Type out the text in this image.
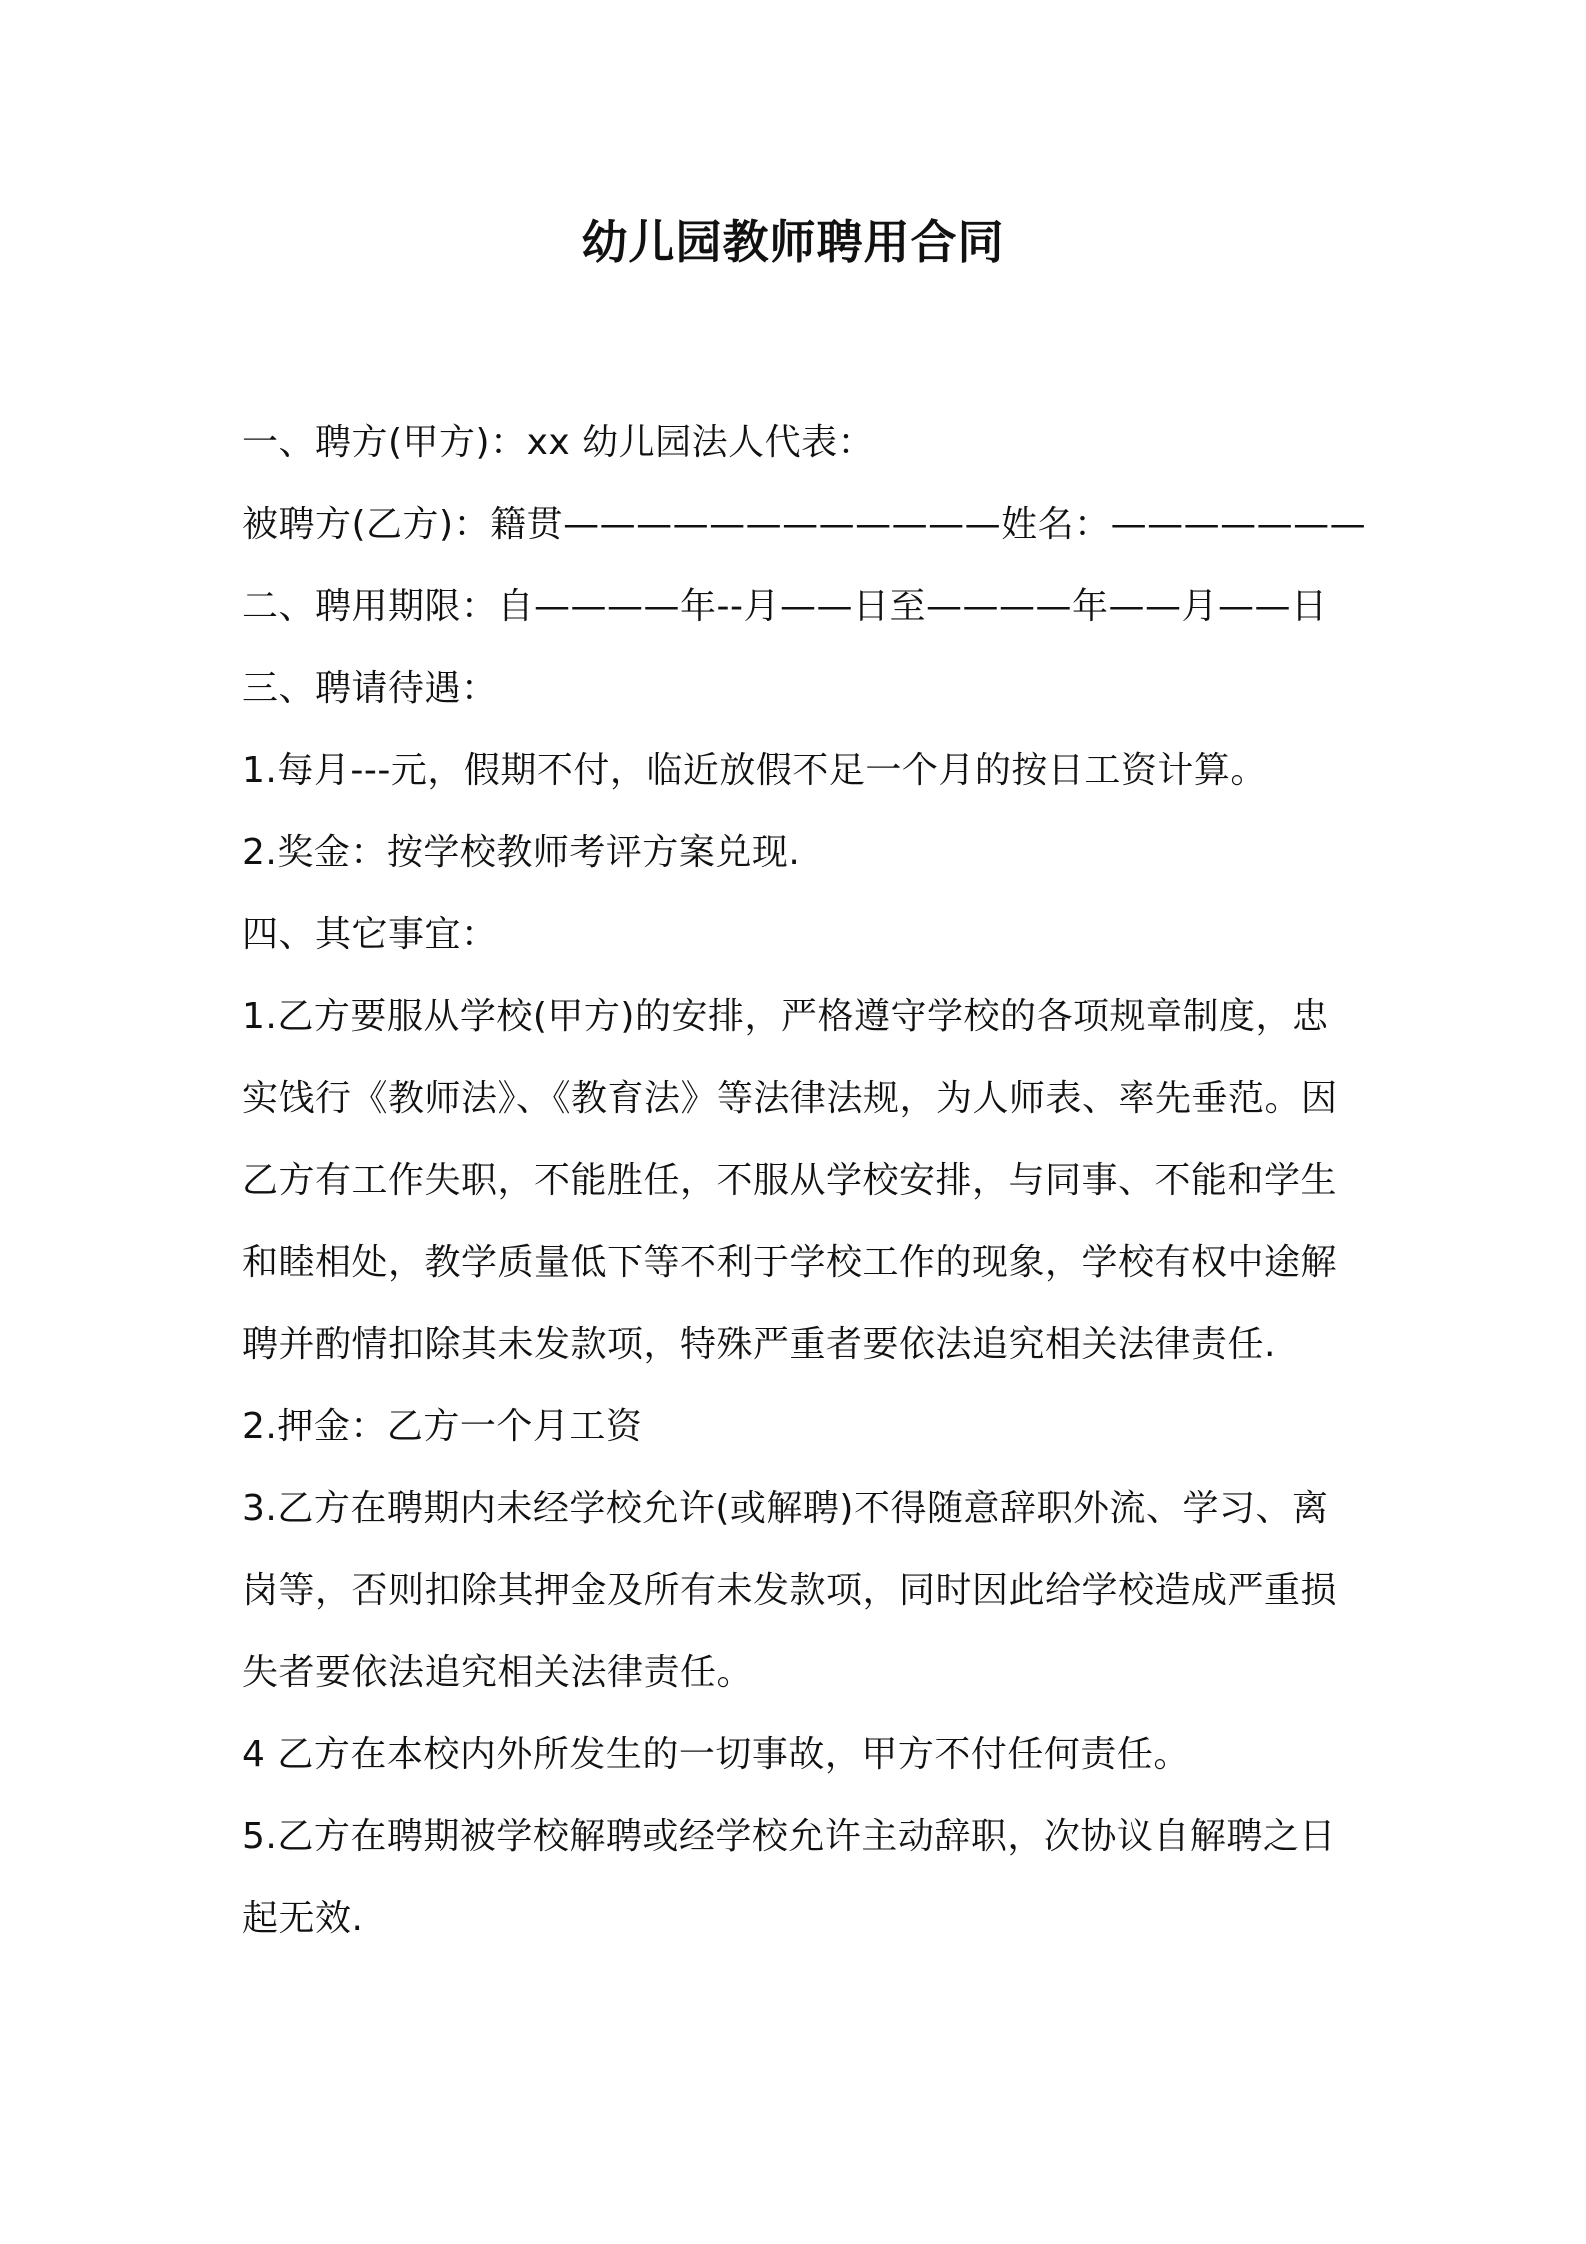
幼儿园教师聘用合同
一、聘方(甲方)：xx 幼儿园法人代表：
被聘方(乙方)：籍贯————————————姓名：———————
二、聘用期限：自————年--月——日至————年——月——日
三、聘请待遇：
1.每月---元，假期不付，临近放假不足一个月的按日工资计算。
2.奖金：按学校教师考评方案兑现.
四、其它事宜：
1.乙方要服从学校(甲方)的安排，严格遵守学校的各项规章制度，忠
实饯行《教师法》、《教育法》等法律法规，为人师表、率先垂范。因
乙方有工作失职，不能胜任，不服从学校安排，与同事、不能和学生
和睦相处，教学质量低下等不利于学校工作的现象，学校有权中途解
聘并酌情扣除其未发款项，特殊严重者要依法追究相关法律责任.
2.押金：乙方一个月工资
3.乙方在聘期内未经学校允许(或解聘)不得随意辞职外流、学习、离
岗等，否则扣除其押金及所有未发款项，同时因此给学校造成严重损
失者要依法追究相关法律责任。
4 乙方在本校内外所发生的一切事故，甲方不付任何责任。
5.乙方在聘期被学校解聘或经学校允许主动辞职，次协议自解聘之日
起无效.
